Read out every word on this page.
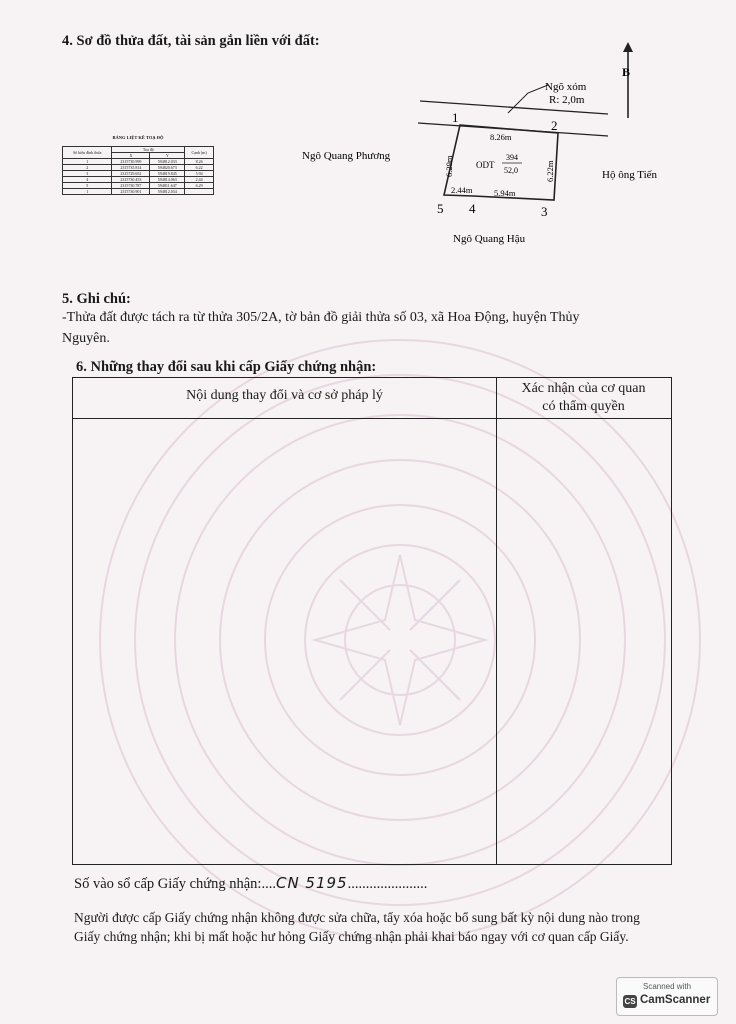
4. Sơ đồ thửa đất, tài sản gắn liền với đất:
BẢNG LIỆT KÊ TOẠ ĐỘ
Số hiệu đỉnh thửa	Toạ độ		Cạnh (m)
	X	Y	
1	2315730.999	594812.033	8.26
2	2315735.814	594820.673	6.22
3	2315729.652	594819.845	5.94
4	2315730.453	594814.063	2.44
5	2315730.787	594811.647	6.29
1	2315730.901	594812.034	
B
Ngõ xóm
R: 2,0m
1
2
3
4
5
8.26m
2.44m	5.94m
6.29m	6.22m
ODT
394
52,0
Ngô Quang Phương
Hộ ông Tiến
Ngô Quang Hậu
5. Ghi chú:
-Thửa đất được tách ra từ thửa 305/2A, tờ bản đồ giải thửa số 03, xã Hoa Động, huyện Thủy
Nguyên.
6. Những thay đổi sau khi cấp Giấy chứng nhận:
Nội dung thay đổi và cơ sở pháp lý	Xác nhận của cơ quan
có thẩm quyền
Số vào sổ cấp Giấy chứng nhận:....CN 5195......................
Người được cấp Giấy chứng nhận không được sửa chữa, tẩy xóa hoặc bổ sung bất kỳ nội dung nào trong
Giấy chứng nhận; khi bị mất hoặc hư hỏng Giấy chứng nhận phải khai báo ngay với cơ quan cấp Giấy.
Scanned with
CS CamScanner
